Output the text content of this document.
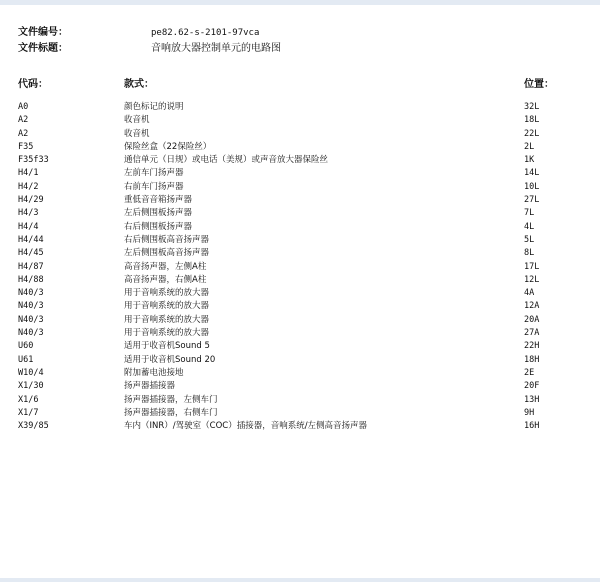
文件编号：	pe82.62-s-2101-97vca
文件标题：	音响放大器控制单元的电路图
代码：	款式：	位置：
A0	颜色标记的说明	32L
A2	收音机	18L
A2	收音机	22L
F35	保险丝盒（22保险丝）	2L
F35f33	通信单元（日规）或电话（美规）或声音放大器保险丝	1K
H4/1	左前车门扬声器	14L
H4/2	右前车门扬声器	10L
H4/29	重低音音箱扬声器	27L
H4/3	左后侧围板扬声器	7L
H4/4	右后侧围板扬声器	4L
H4/44	右后侧围板高音扬声器	5L
H4/45	左后侧围板高音扬声器	8L
H4/87	高音扬声器，左侧A柱	17L
H4/88	高音扬声器，右侧A柱	12L
N40/3	用于音响系统的放大器	4A
N40/3	用于音响系统的放大器	12A
N40/3	用于音响系统的放大器	20A
N40/3	用于音响系统的放大器	27A
U60	适用于收音机Sound 5	22H
U61	适用于收音机Sound 20	18H
W10/4	附加蓄电池接地	2E
X1/30	扬声器插接器	20F
X1/6	扬声器插接器，左侧车门	13H
X1/7	扬声器插接器，右侧车门	9H
X39/85	车内（INR）/驾驶室（COC）插接器，音响系统/左侧高音扬声器	16H
